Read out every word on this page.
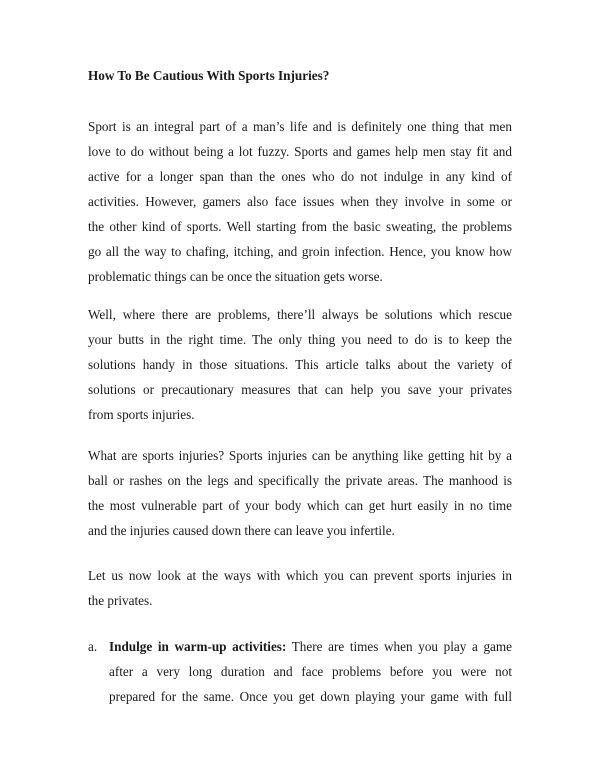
How To Be Cautious With Sports Injuries?

Sport is an integral part of a man’s life and is definitely one thing that men
love to do without being a lot fuzzy. Sports and games help men stay fit and
active for a longer span than the ones who do not indulge in any kind of
activities. However, gamers also face issues when they involve in some or
the other kind of sports. Well starting from the basic sweating, the problems
go all the way to chafing, itching, and groin infection. Hence, you know how
problematic things can be once the situation gets worse.

Well, where there are problems, there’ll always be solutions which rescue
your butts in the right time. The only thing you need to do is to keep the
solutions handy in those situations. This article talks about the variety of
solutions or precautionary measures that can help you save your privates
from sports injuries.

What are sports injuries? Sports injuries can be anything like getting hit by a
ball or rashes on the legs and specifically the private areas. The manhood is
the most vulnerable part of your body which can get hurt easily in no time
and the injuries caused down there can leave you infertile.

Let us now look at the ways with which you can prevent sports injuries in
the privates.

a. Indulge in warm-up activities: There are times when you play a game
after a very long duration and face problems before you were not
prepared for the same. Once you get down playing your game with full
